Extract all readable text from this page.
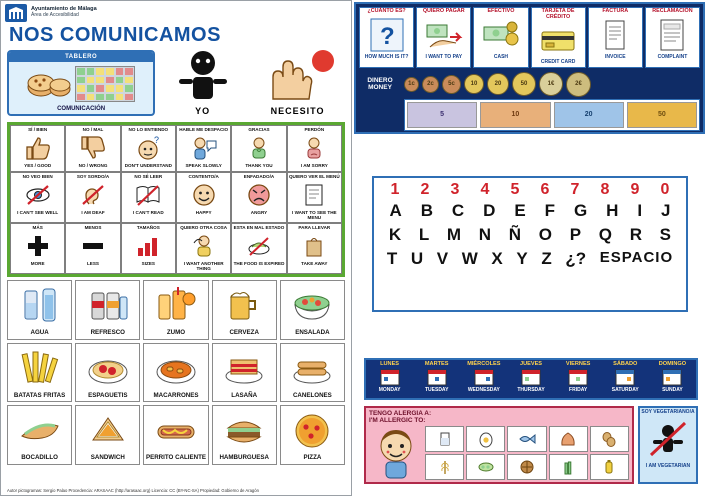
Ayuntamiento de Málaga
Área de Accesibilidad
NOS COMUNICAMOS
TABLERO
COMUNICACIÓN	YO	NECESITO
SÍ / BIEN
YES / GOOD
NO / MAL
NO / WRONG
NO LO ENTIENDO
?
DON'T UNDERSTAND
HABLE ME DESPACIO
SPEAK SLOWLY
GRACIAS
THANK YOU
PERDÓN
I AM SORRY
NO VEO BIEN
I CAN'T SEE WELL
SOY SORDO/A
I AM DEAF
NO SÉ LEER
I CAN'T READ
CONTENTO/A
HAPPY
ENFADADO/A
ANGRY
QUIERO VER EL MENÚ
I WANT TO SEE THE MENU
MÁS
MORE
MENOS
LESS
TAMAÑOS
SIZES
QUIERO OTRA COSA
I WANT ANOTHER THING
ESTA EN MAL ESTADO
THE FOOD IS EXPIRED
PARA LLEVAR
TAKE AWAY
AGUA	REFRESCO	ZUMO	CERVEZA	ENSALADA
BATATAS FRITAS	ESPAGUETIS	MACARRONES	LASAÑA	CANELONES
BOCADILLO	SANDWICH	PERRITO CALIENTE	HAMBURGUESA	PIZZA
Autor pictogramas: Sergio Palao Procedencia: ARASAAC (http://arasaac.org) Licencia: CC (BY-NC-SA) Propiedad: Gobierno de Aragón
¿CUÁNTO ES?
?
HOW MUCH IS IT?
QUIERO PAGAR
I WANT TO PAY
EFECTIVO
CASH
TARJETA DE CRÉDITO
CREDIT CARD
FACTURA
INVOICE
RECLAMACIÓN
COMPLAINT
DINERO
MONEY	1c	2c	5c	10	20	50	1€	2€
5	10	20	50
1 2 3 4 5 6 7 8 9 0
A B C D E F G H I J
K L M N Ñ O P Q R S
T U V W X Y Z ¿? ESPACIO
LUNES
MONDAY
MARTES
TUESDAY
MIÉRCOLES
WEDNESDAY
JUEVES
THURSDAY
VIERNES
FRIDAY
SÁBADO
SATURDAY
DOMINGO
SUNDAY
TENGO ALERGIA A:
I'M ALLERGIC TO:
SOY VEGETARIANO/A
I AM VEGETARIAN
